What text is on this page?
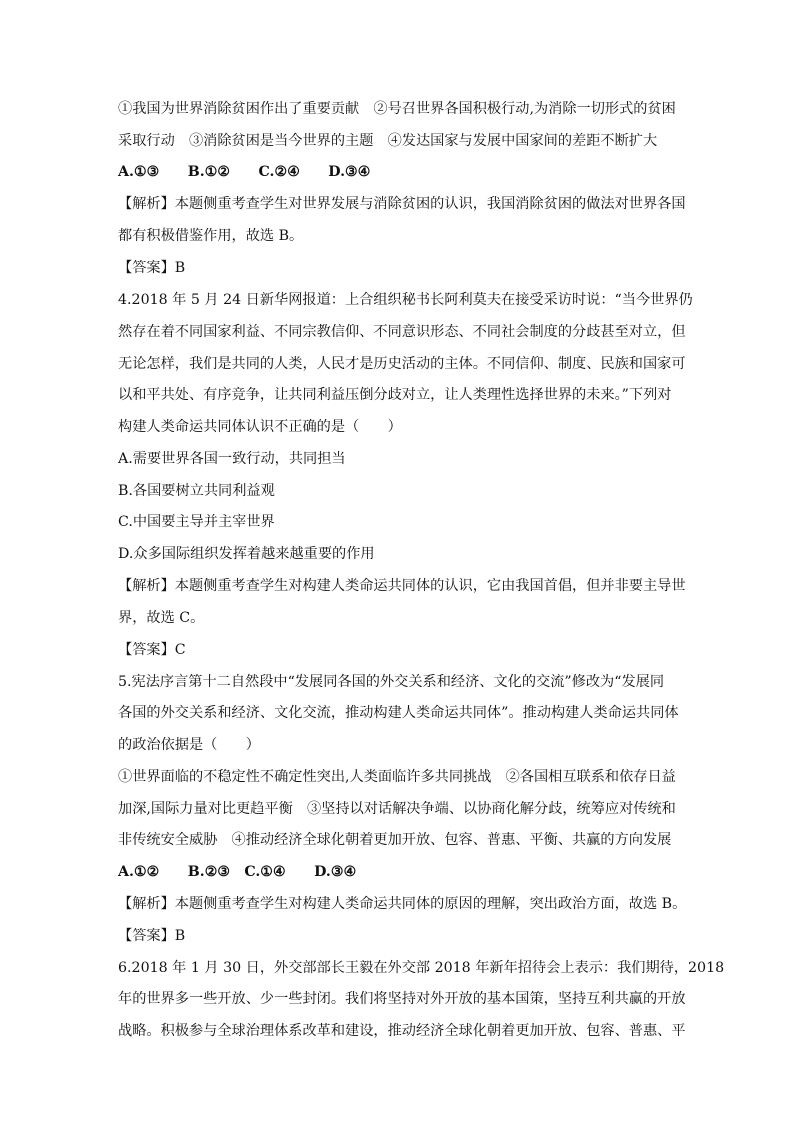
①我国为世界消除贫困作出了重要贡献　②号召世界各国积极行动,为消除一切形式的贫困
采取行动　③消除贫困是当今世界的主题　④发达国家与发展中国家间的差距不断扩大
A.①③　　B.①②　　C.②④　　D.③④
【解析】本题侧重考查学生对世界发展与消除贫困的认识，我国消除贫困的做法对世界各国
都有积极借鉴作用，故选 B。
【答案】B
4.2018 年 5 月 24 日新华网报道：上合组织秘书长阿利莫夫在接受采访时说：“当今世界仍
然存在着不同国家利益、不同宗教信仰、不同意识形态、不同社会制度的分歧甚至对立，但
无论怎样，我们是共同的人类，人民才是历史活动的主体。不同信仰、制度、民族和国家可
以和平共处、有序竞争，让共同利益压倒分歧对立，让人类理性选择世界的未来。”下列对
构建人类命运共同体认识不正确的是（　　）
A.需要世界各国一致行动，共同担当
B.各国要树立共同利益观
C.中国要主导并主宰世界
D.众多国际组织发挥着越来越重要的作用
【解析】本题侧重考查学生对构建人类命运共同体的认识，它由我国首倡，但并非要主导世
界，故选 C。
【答案】C
5.宪法序言第十二自然段中“发展同各国的外交关系和经济、文化的交流”修改为“发展同
各国的外交关系和经济、文化交流，推动构建人类命运共同体”。推动构建人类命运共同体
的政治依据是（　　）
①世界面临的不稳定性不确定性突出,人类面临许多共同挑战　②各国相互联系和依存日益
加深,国际力量对比更趋平衡　③坚持以对话解决争端、以协商化解分歧，统筹应对传统和
非传统安全威胁　④推动经济全球化朝着更加开放、包容、普惠、平衡、共赢的方向发展
A.①②　　B.②③　C.①④　　D.③④
【解析】本题侧重考查学生对构建人类命运共同体的原因的理解，突出政治方面，故选 B。
【答案】B
6.2018 年 1 月 30 日，外交部部长王毅在外交部 2018 年新年招待会上表示：我们期待，2018
年的世界多一些开放、少一些封闭。我们将坚持对外开放的基本国策，坚持互利共赢的开放
战略。积极参与全球治理体系改革和建设，推动经济全球化朝着更加开放、包容、普惠、平
